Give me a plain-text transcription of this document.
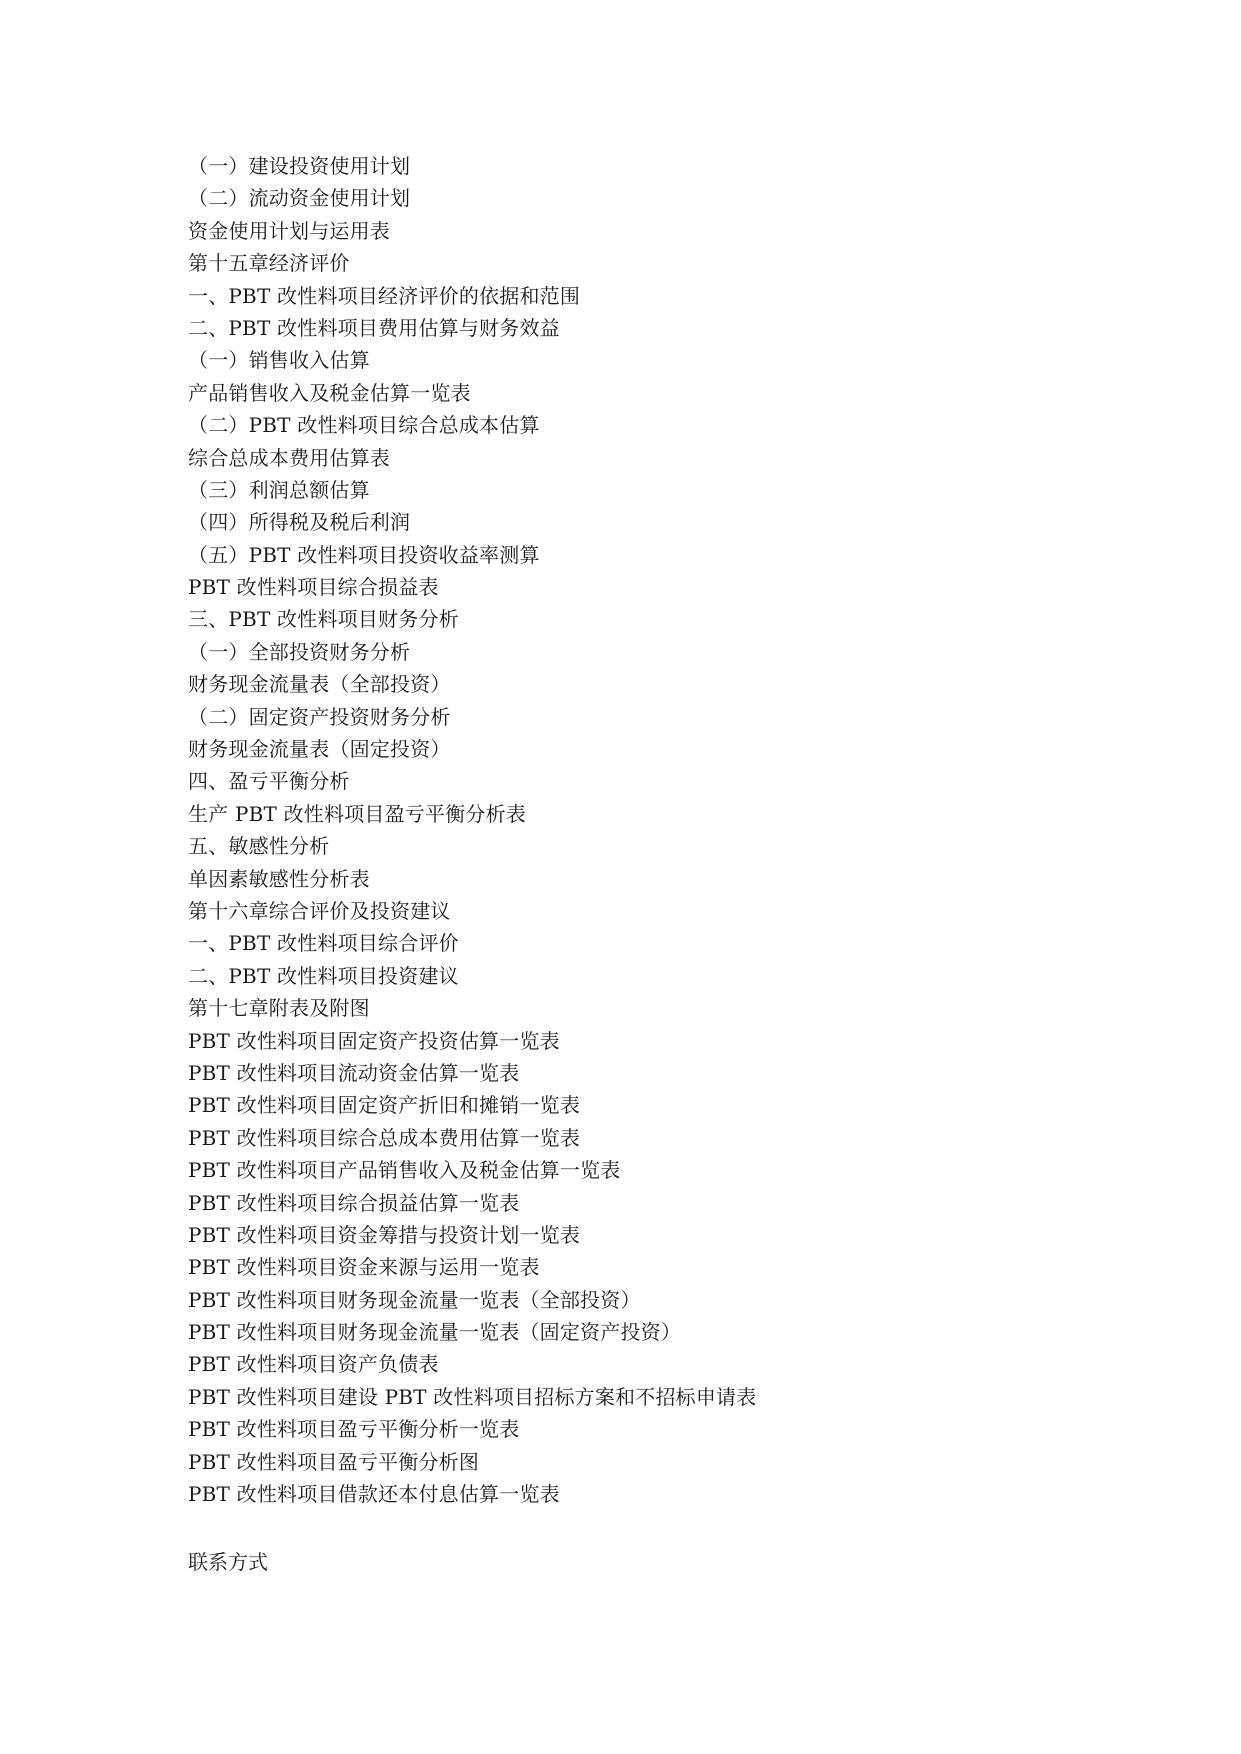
（一）建设投资使用计划
（二）流动资金使用计划
资金使用计划与运用表
第十五章经济评价
一、PBT 改性料项目经济评价的依据和范围
二、PBT 改性料项目费用估算与财务效益
（一）销售收入估算
产品销售收入及税金估算一览表
（二）PBT 改性料项目综合总成本估算
综合总成本费用估算表
（三）利润总额估算
（四）所得税及税后利润
（五）PBT 改性料项目投资收益率测算
PBT 改性料项目综合损益表
三、PBT 改性料项目财务分析
（一）全部投资财务分析
财务现金流量表（全部投资）
（二）固定资产投资财务分析
财务现金流量表（固定投资）
四、盈亏平衡分析
生产 PBT 改性料项目盈亏平衡分析表
五、敏感性分析
单因素敏感性分析表
第十六章综合评价及投资建议
一、PBT 改性料项目综合评价
二、PBT 改性料项目投资建议
第十七章附表及附图
PBT 改性料项目固定资产投资估算一览表
PBT 改性料项目流动资金估算一览表
PBT 改性料项目固定资产折旧和摊销一览表
PBT 改性料项目综合总成本费用估算一览表
PBT 改性料项目产品销售收入及税金估算一览表
PBT 改性料项目综合损益估算一览表
PBT 改性料项目资金筹措与投资计划一览表
PBT 改性料项目资金来源与运用一览表
PBT 改性料项目财务现金流量一览表（全部投资）
PBT 改性料项目财务现金流量一览表（固定资产投资）
PBT 改性料项目资产负债表
PBT 改性料项目建设 PBT 改性料项目招标方案和不招标申请表
PBT 改性料项目盈亏平衡分析一览表
PBT 改性料项目盈亏平衡分析图
PBT 改性料项目借款还本付息估算一览表
联系方式
